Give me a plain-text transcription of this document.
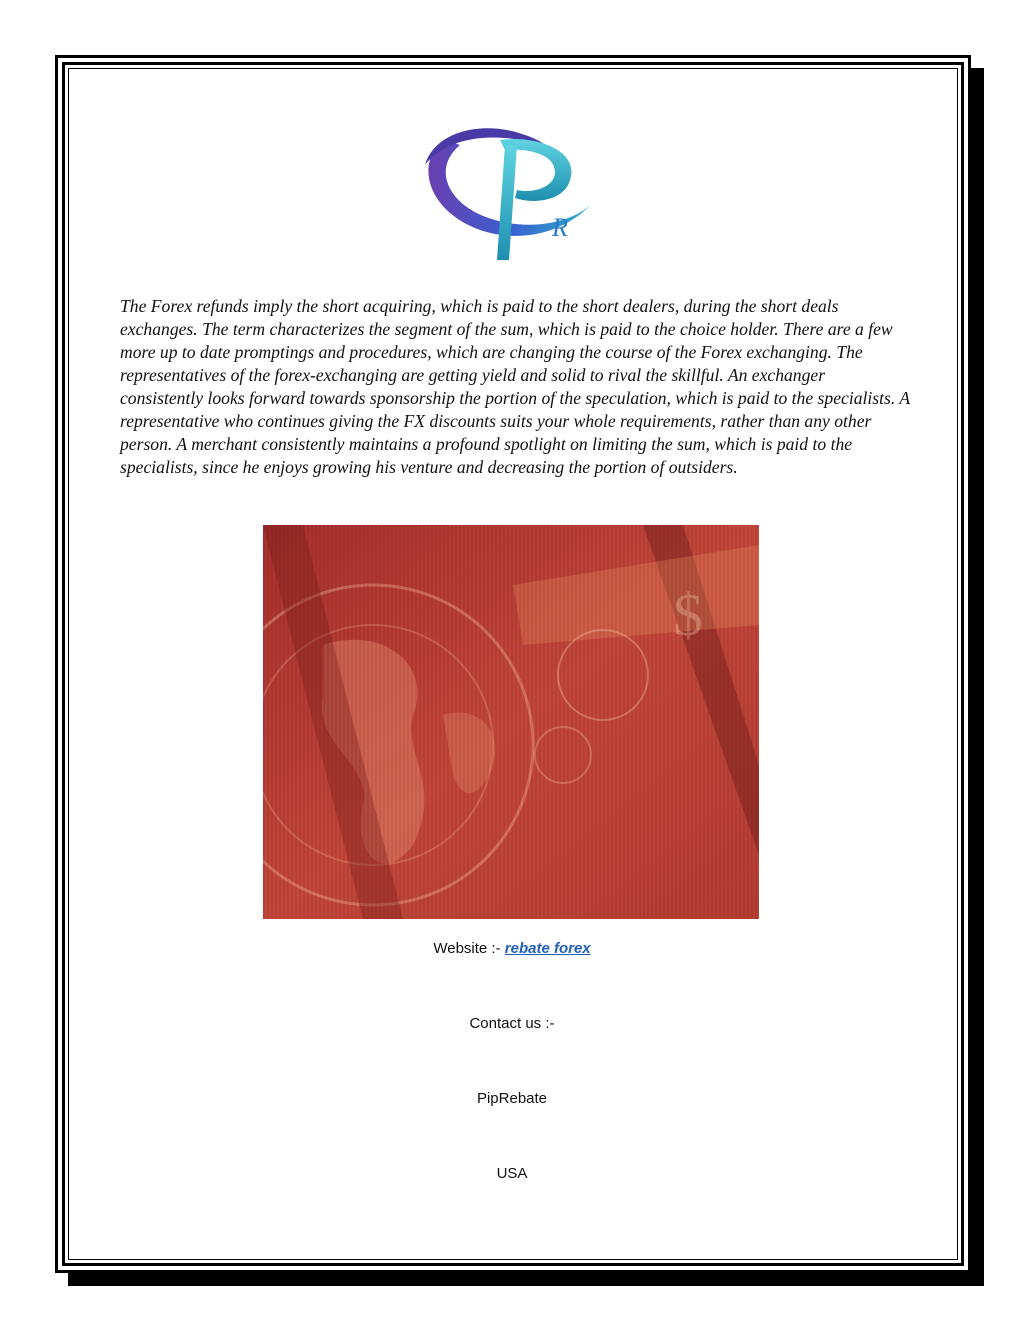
R

The Forex refunds imply the short acquiring, which is paid to the short dealers, during the short deals exchanges. The term characterizes the segment of the sum, which is paid to the choice holder. There are a few more up to date promptings and procedures, which are changing the course of the Forex exchanging. The representatives of the forex-exchanging are getting yield and solid to rival the skillful. An exchanger consistently looks forward towards sponsorship the portion of the speculation, which is paid to the specialists. A representative who continues giving the FX discounts suits your whole requirements, rather than any other person. A merchant consistently maintains a profound spotlight on limiting the sum, which is paid to the specialists, since he enjoys growing his venture and decreasing the portion of outsiders.

Website :- rebate forex
Contact us :-
PipRebate
USA
